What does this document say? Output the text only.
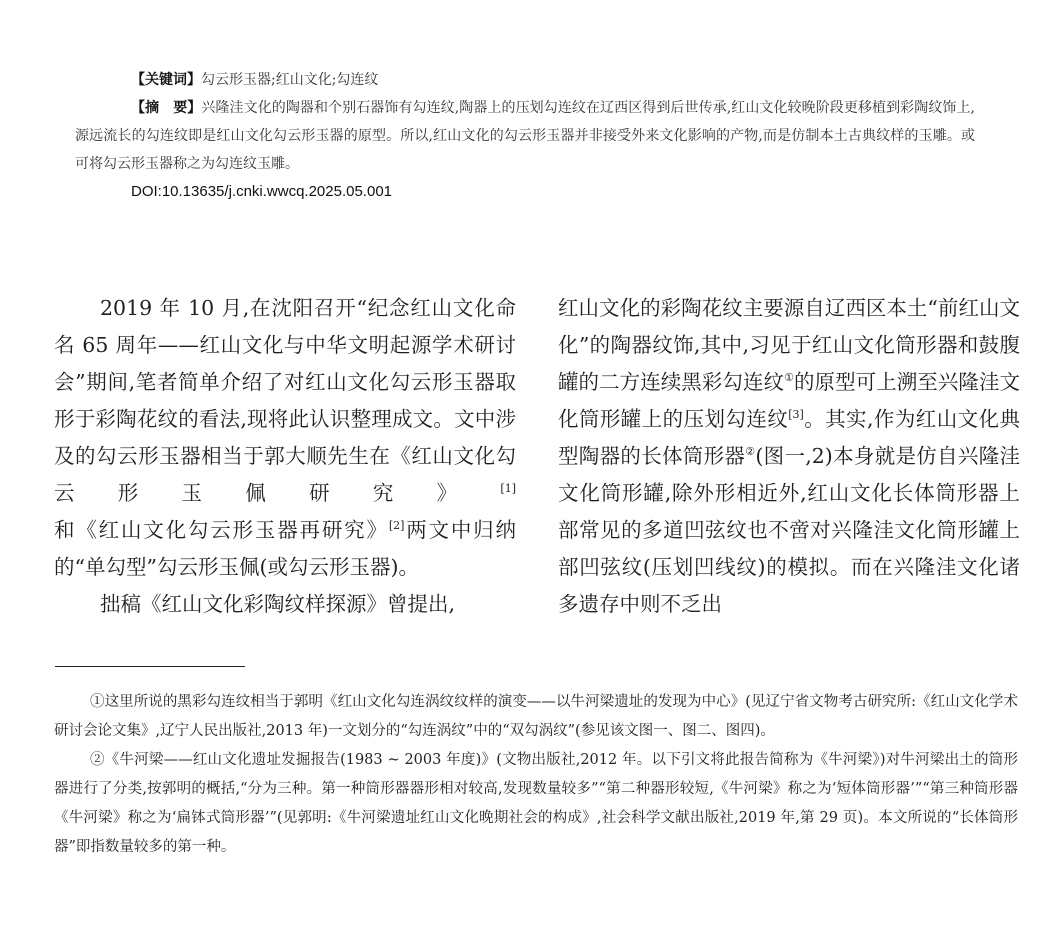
【关键词】勾云形玉器;红山文化;勾连纹

【摘　要】兴隆洼文化的陶器和个别石器饰有勾连纹,陶器上的压划勾连纹在辽西区得到后世传承,红山文化较晚阶段更移植到彩陶纹饰上,源远流长的勾连纹即是红山文化勾云形玉器的原型。所以,红山文化的勾云形玉器并非接受外来文化影响的产物,而是仿制本土古典纹样的玉雕。或可将勾云形玉器称之为勾连纹玉雕。

DOI:10.13635/j.cnki.wwcq.2025.05.001

2019 年 10 月,在沈阳召开“纪念红山文化命名 65 周年——红山文化与中华文明起源学术研讨会”期间,笔者简单介绍了对红山文化勾云形玉器取形于彩陶花纹的看法,现将此认识整理成文。文中涉及的勾云形玉器相当于郭大顺先生在《红山文化勾云形玉佩研究》[1]和《红山文化勾云形玉器再研究》[2]两文中归纳的“单勾型”勾云形玉佩(或勾云形玉器)。

拙稿《红山文化彩陶纹样探源》曾提出,

红山文化的彩陶花纹主要源自辽西区本土“前红山文化”的陶器纹饰,其中,习见于红山文化筒形器和鼓腹罐的二方连续黑彩勾连纹①的原型可上溯至兴隆洼文化筒形罐上的压划勾连纹[3]。其实,作为红山文化典型陶器的长体筒形器②(图一,2)本身就是仿自兴隆洼文化筒形罐,除外形相近外,红山文化长体筒形器上部常见的多道凹弦纹也不啻对兴隆洼文化筒形罐上部凹弦纹(压划凹线纹)的模拟。而在兴隆洼文化诸多遗存中则不乏出

①这里所说的黑彩勾连纹相当于郭明《红山文化勾连涡纹纹样的演变——以牛河梁遗址的发现为中心》(见辽宁省文物考古研究所:《红山文化学术研讨会论文集》,辽宁人民出版社,2013 年)一文划分的“勾连涡纹”中的“双勾涡纹”(参见该文图一、图二、图四)。

②《牛河梁——红山文化遗址发掘报告(1983 ~ 2003 年度)》(文物出版社,2012 年。以下引文将此报告简称为《牛河梁》)对牛河梁出土的筒形器进行了分类,按郭明的概括,“分为三种。第一种筒形器器形相对较高,发现数量较多”“第二种器形较短,《牛河梁》称之为‘短体筒形器’”“第三种筒形器《牛河梁》称之为‘扁钵式筒形器’”(见郭明:《牛河梁遗址红山文化晚期社会的构成》,社会科学文献出版社,2019 年,第 29 页)。本文所说的“长体筒形器”即指数量较多的第一种。
